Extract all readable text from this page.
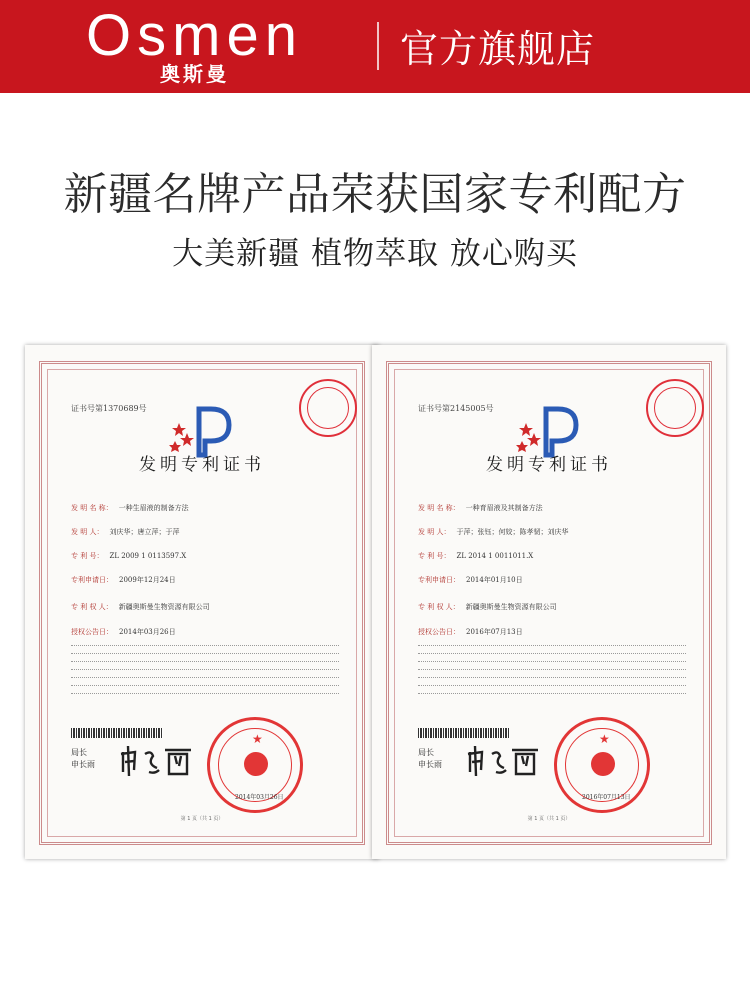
Osmen
奥斯曼
官方旗舰店
新疆名牌产品荣获国家专利配方
大美新疆 植物萃取 放心购买
证书号第1370689号
发明专利证书
发 明 名 称： 一种生眉液的制备方法
发 明 人： 刘庆华；唐立萍；于萍
专 利 号： ZL 2009 1 0113597.X
专利申请日： 2009年12月24日
专 利 权 人： 新疆奥斯曼生物资源有限公司
授权公告日： 2014年03月26日
局长
申长雨
★
2014年03月26日
第 1 页（共 1 页）
证书号第2145005号
发明专利证书
发 明 名 称： 一种育眉液及其制备方法
发 明 人： 于萍；张钰；何姣；陈孝韧；刘庆华
专 利 号： ZL 2014 1 0011011.X
专利申请日： 2014年01月10日
专 利 权 人： 新疆奥斯曼生物资源有限公司
授权公告日： 2016年07月13日
局长
申长雨
★
2016年07月13日
第 1 页（共 1 页）
